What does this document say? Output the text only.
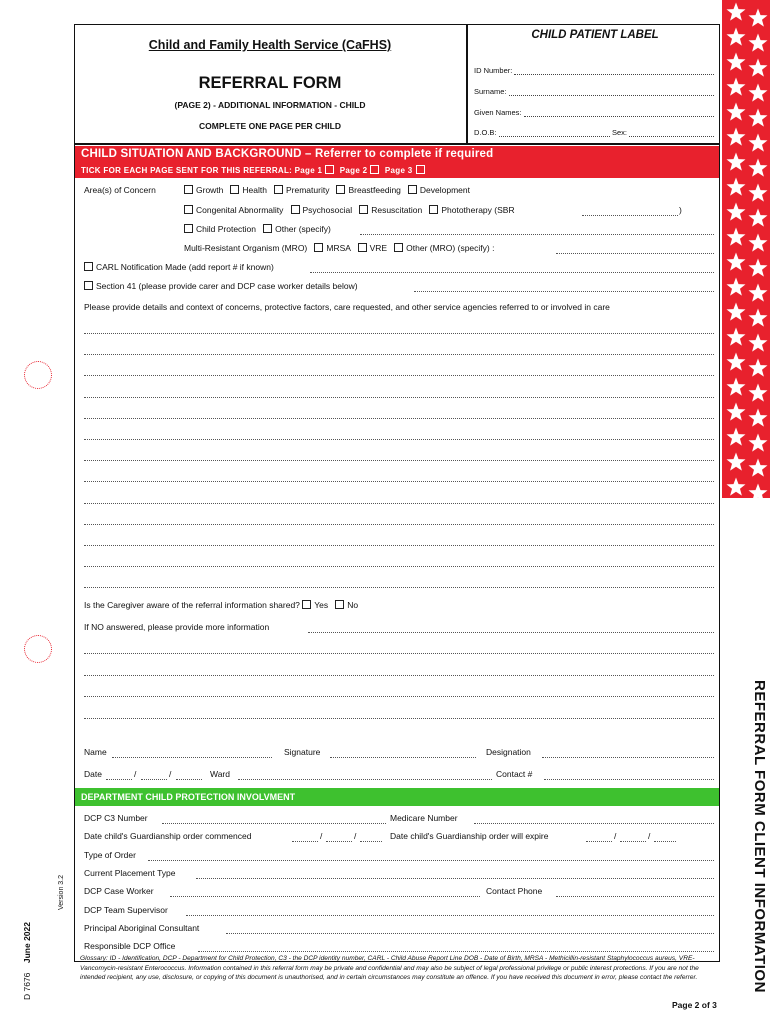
Child and Family Health Service (CaFHS)
REFERRAL FORM
(PAGE 2) - ADDITIONAL INFORMATION - CHILD
COMPLETE ONE PAGE PER CHILD
CHILD PATIENT LABEL
ID Number:
Surname:
Given Names:
D.O.B:	Sex:
CHILD SITUATION AND BACKGROUND – Referrer to complete if required
TICK FOR EACH PAGE SENT FOR THIS REFERRAL: Page 1 Page 2 Page 3
Area(s) of Concern	Growth Health Prematurity Breastfeeding Development
Congenital Abnormality Psychosocial Resuscitation Phototherapy (SBR	)
Child Protection Other (specify)
Multi-Resistant Organism (MRO) MRSA VRE Other (MRO) (specify) :
CARL Notification Made (add report # if known)
Section 41 (please provide carer and DCP case worker details below)
Please provide details and context of concerns, protective factors, care requested, and other service agencies referred to or involved in care
Is the Caregiver aware of the referral information shared? Yes No
If NO answered, please provide more information
Name	Signature	Designation
Date	/	/	Ward	Contact #
DEPARTMENT CHILD PROTECTION INVOLVMENT
DCP C3 Number	Medicare Number
Date child's Guardianship order commenced	/	/	Date child's Guardianship order will expire	/	/
Type of Order
Current Placement Type
DCP Case Worker	Contact Phone
DCP Team Supervisor
Principal Aboriginal Consultant
Responsible DCP Office
Glossary: ID - Identification, DCP - Department for Child Protection, C3 - the DCP identity number, CARL - Child Abuse Report Line DOB - Date of Birth, MRSA - Methicillin-resistant Staphylococcus aureus, VRE-Vancomycin-resistant Enterococcus. Information contained in this referral form may be private and confidential and may also be subject of legal professional privilege or public interest protections. If you are not the intended recipient, any use, disclosure, or copying of this document is unauthorised, and in certain circumstances may constitute an offence. If you have received this document in error, please contact the referrer.
Page 2 of 3
D 7676    June 2022
Version 3.2	REFERRAL FORM CLIENT INFORMATION
